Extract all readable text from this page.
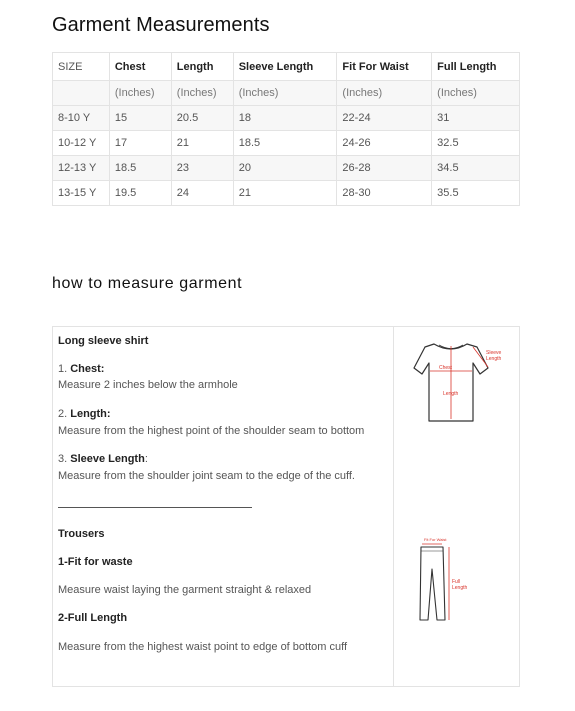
Garment Measurements
SIZE	Chest	Length	Sleeve Length	Fit For Waist	Full Length
	(Inches)	(Inches)	(Inches)	(Inches)	(Inches)
8-10 Y	15	20.5	18	22-24	31
10-12 Y	17	21	18.5	24-26	32.5
12-13 Y	18.5	23	20	26-28	34.5
13-15 Y	19.5	24	21	28-30	35.5
how to measure garment
Long sleeve shirt
1. Chest:
Measure 2 inches below the armhole
2. Length:
Measure from the highest point of the shoulder seam to bottom
3. Sleeve Length:
Measure from the shoulder joint seam to the edge of the cuff.
Trousers
1-Fit for waste
Measure waist laying the garment straight & relaxed
2-Full Length
Measure from the highest waist point to edge of bottom cuff
Chest
Length
Sleeve
Length
Fit For Waist
Full
Length
